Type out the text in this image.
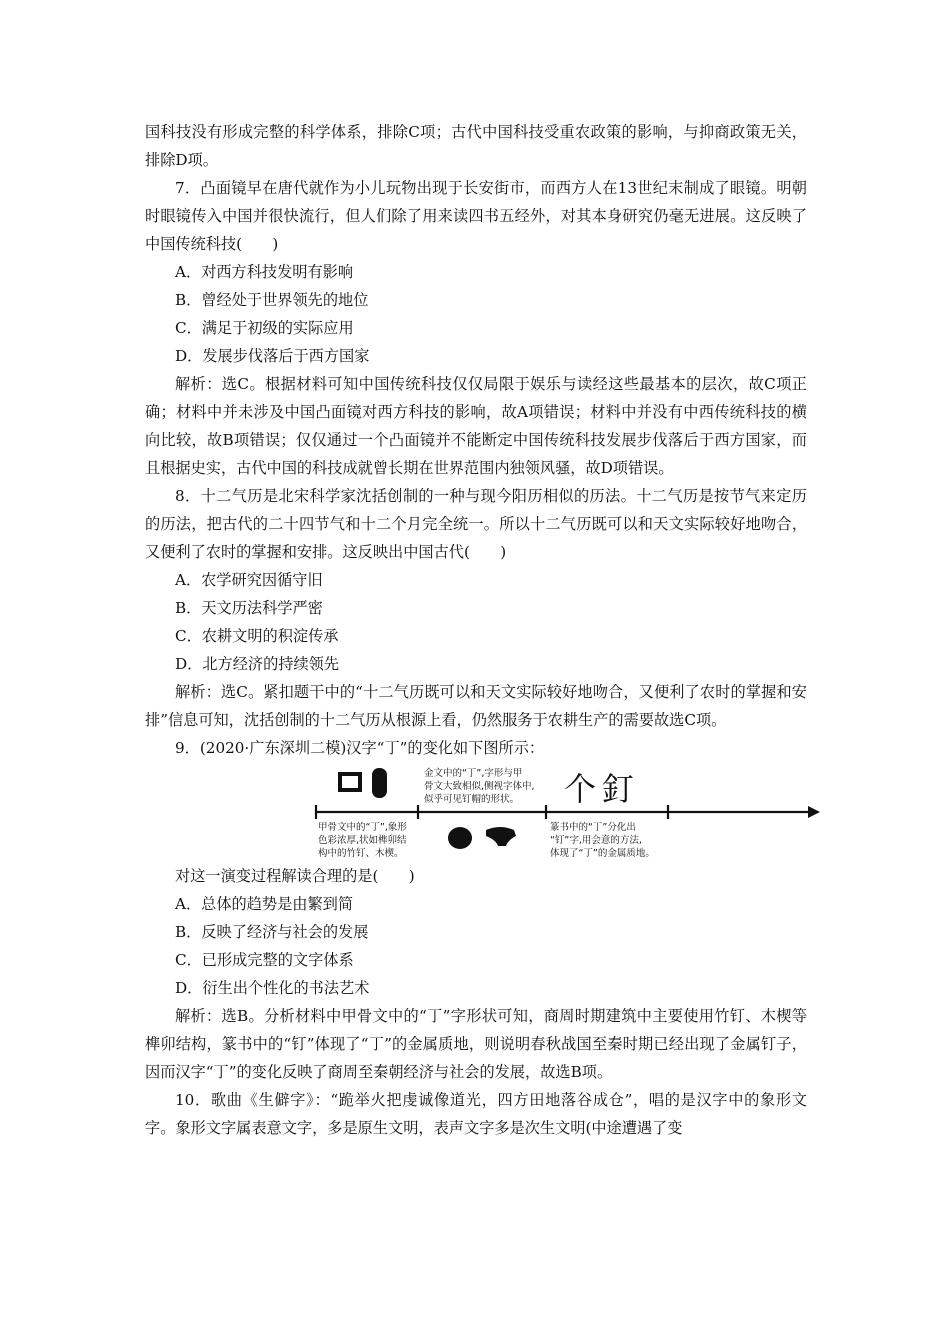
国科技没有形成完整的科学体系，排除C项；古代中国科技受重农政策的影响，与抑商政策无关，排除D项。

7．凸面镜早在唐代就作为小儿玩物出现于长安街市，而西方人在13世纪末制成了眼镜。明朝时眼镜传入中国并很快流行，但人们除了用来读四书五经外，对其本身研究仍毫无进展。这反映了中国传统科技(　　)

A．对西方科技发明有影响

B．曾经处于世界领先的地位

C．满足于初级的实际应用

D．发展步伐落后于西方国家

解析：选C。根据材料可知中国传统科技仅仅局限于娱乐与读经这些最基本的层次，故C项正确；材料中并未涉及中国凸面镜对西方科技的影响，故A项错误；材料中并没有中西传统科技的横向比较，故B项错误；仅仅通过一个凸面镜并不能断定中国传统科技发展步伐落后于西方国家，而且根据史实，古代中国的科技成就曾长期在世界范围内独领风骚，故D项错误。

8．十二气历是北宋科学家沈括创制的一种与现今阳历相似的历法。十二气历是按节气来定历的历法，把古代的二十四节气和十二个月完全统一。所以十二气历既可以和天文实际较好地吻合，又便利了农时的掌握和安排。这反映出中国古代(　　)

A．农学研究因循守旧

B．天文历法科学严密

C．农耕文明的积淀传承

D．北方经济的持续领先

解析：选C。紧扣题干中的“十二气历既可以和天文实际较好地吻合，又便利了农时的掌握和安排”信息可知，沈括创制的十二气历从根源上看，仍然服务于农耕生产的需要故选C项。

9．(2020·广东深圳二模)汉字“丁”的变化如下图所示：

金文中的“丁”,字形与甲 骨文大致相似,侧视字体中, 似乎可见钉帽的形状。	个 釘
甲骨文中的“丁”,象形 色彩浓厚,状如榫卯结 构中的竹钉、木楔。
篆书中的“丁”分化出 “钉”字,用会意的方法, 体现了“丁”的金属质地。

对这一演变过程解读合理的是(　　)

A．总体的趋势是由繁到简

B．反映了经济与社会的发展

C．已形成完整的文字体系

D．衍生出个性化的书法艺术

解析：选B。分析材料中甲骨文中的“丁”字形状可知，商周时期建筑中主要使用竹钉、木楔等榫卯结构，篆书中的“钉”体现了“丁”的金属质地，则说明春秋战国至秦时期已经出现了金属钉子，因而汉字“丁”的变化反映了商周至秦朝经济与社会的发展，故选B项。

10．歌曲《生僻字》：“跪举火把虔诚像道光，四方田地落谷成仓”，唱的是汉字中的象形文字。象形文字属表意文字，多是原生文明，表声文字多是次生文明(中途遭遇了变
